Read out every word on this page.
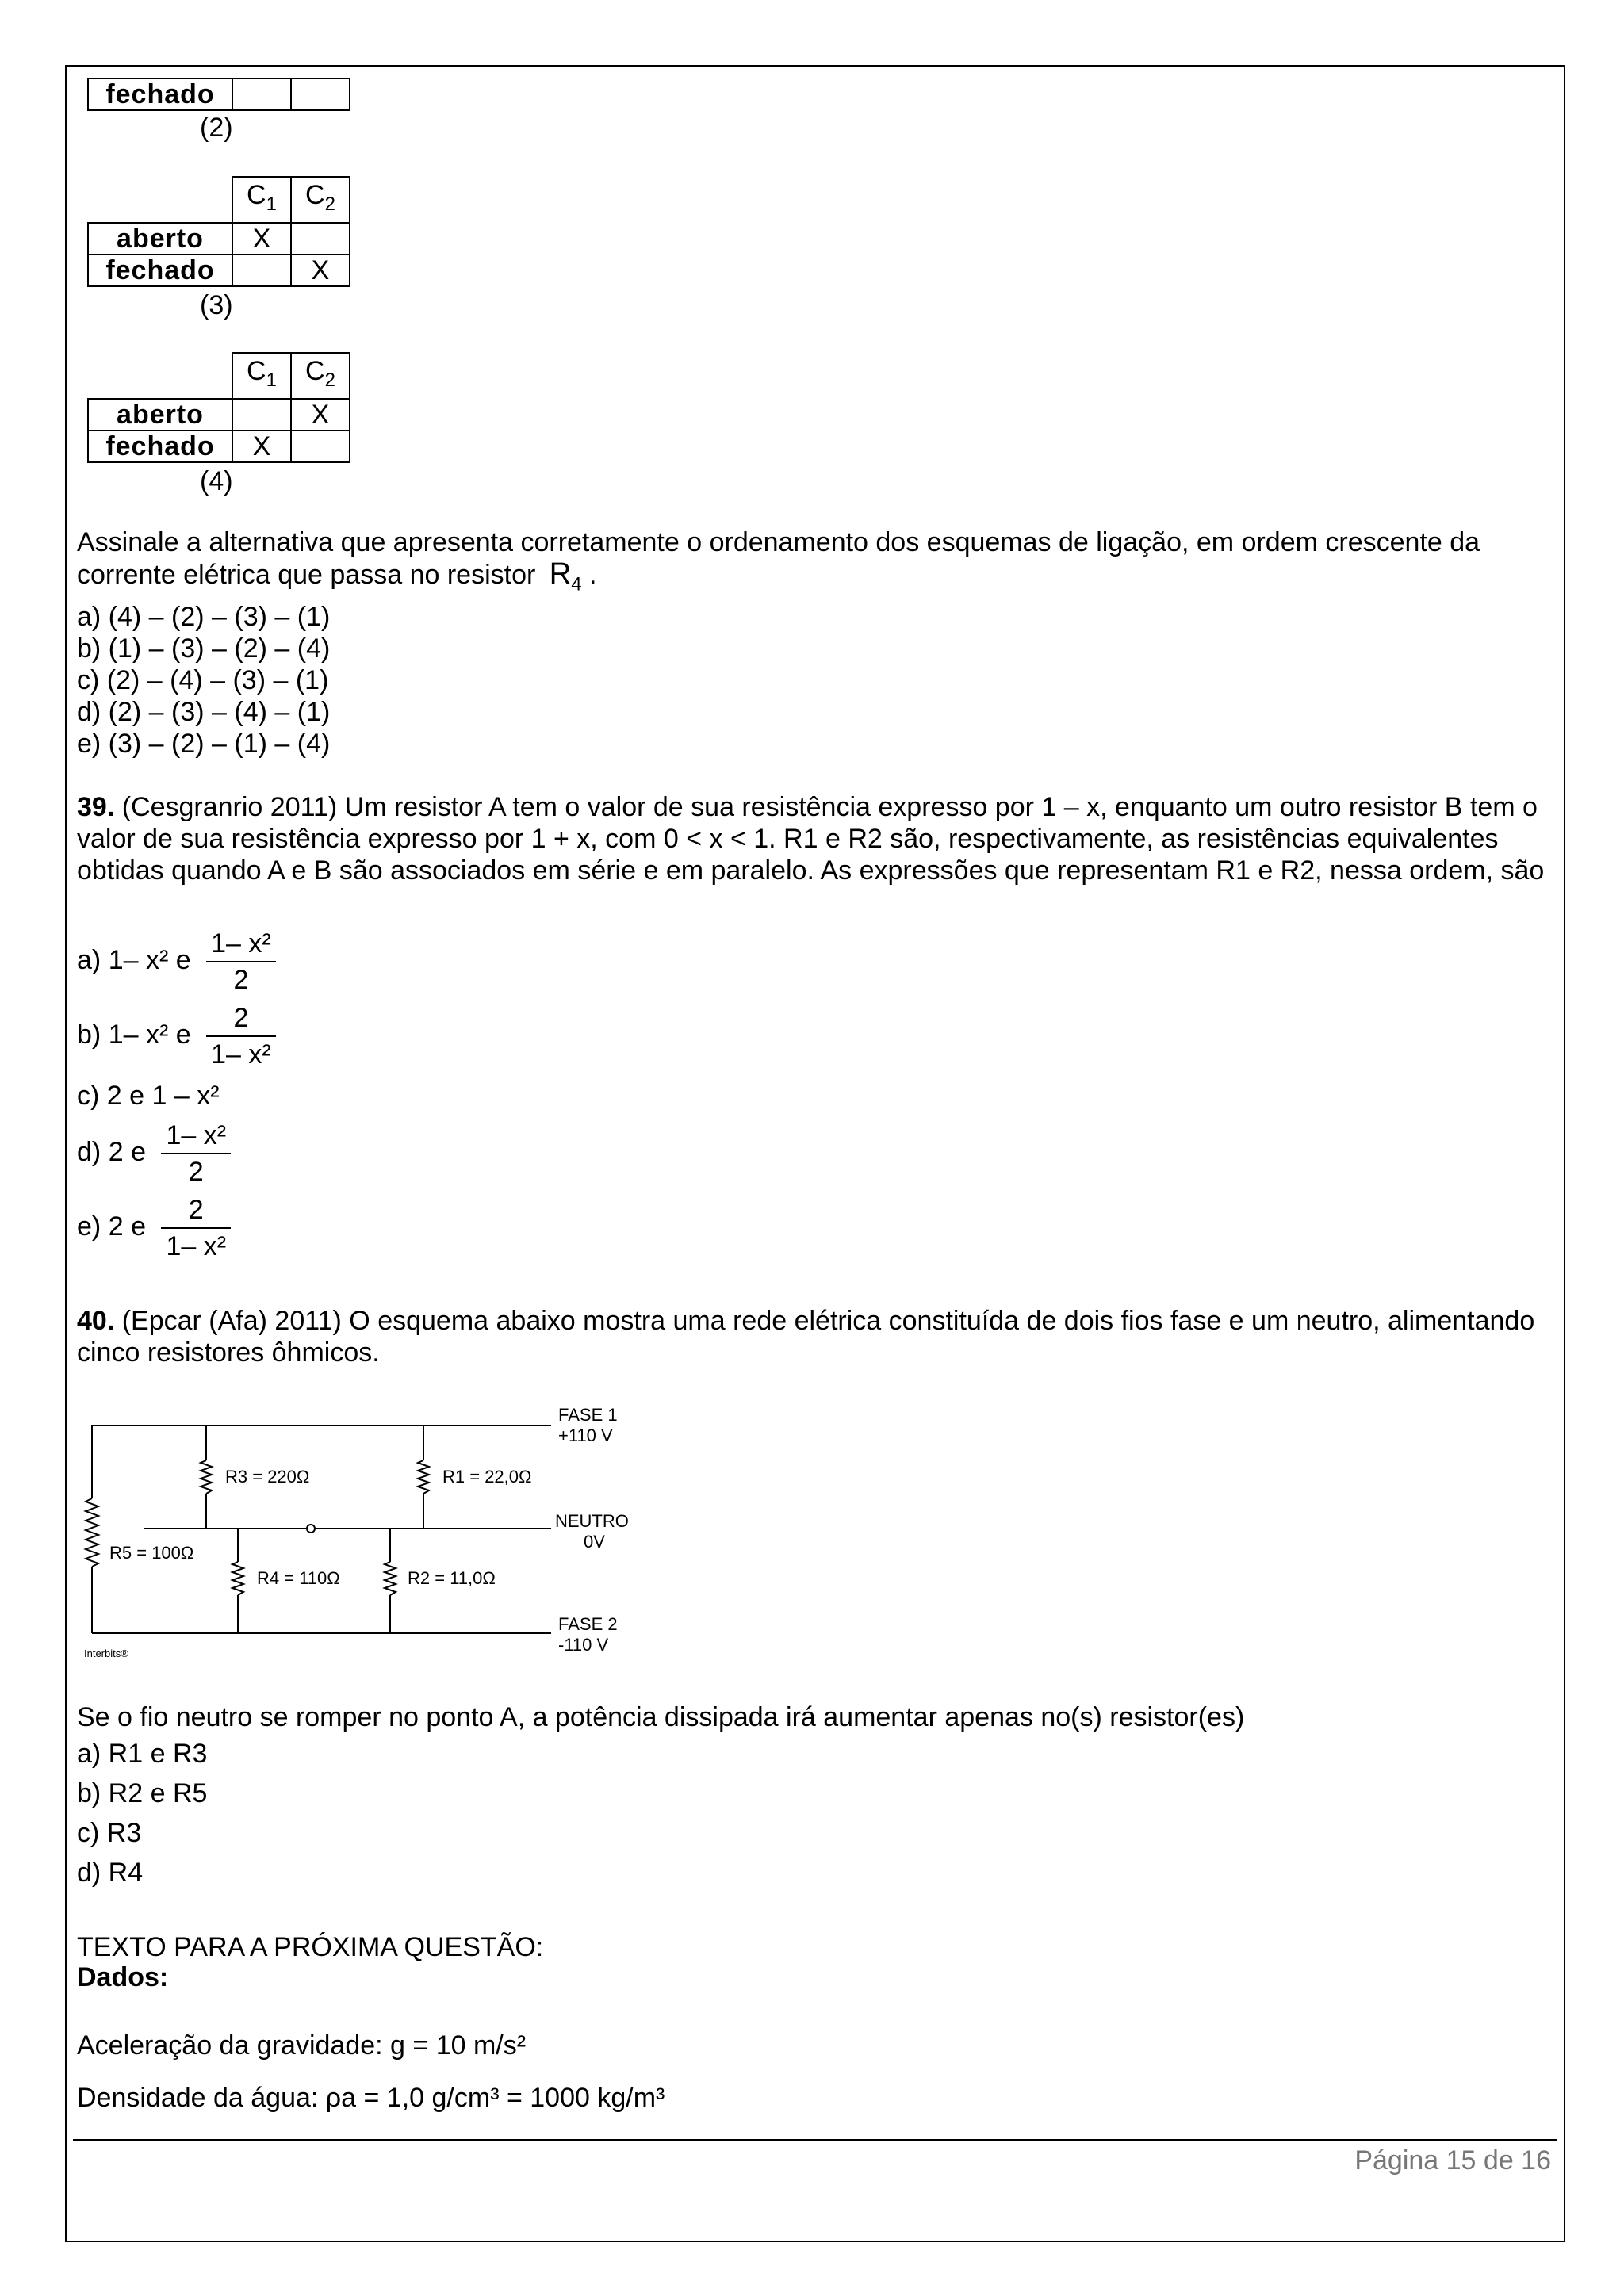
fechado		
(2)
	$C_1$	$C_2$
aberto	X	
fechado		X
(3)
	$C_1$	$C_2$
aberto		X
fechado	X	
(4)
Assinale a alternativa que apresenta corretamente o ordenamento dos esquemas de ligação, em ordem crescente da corrente elétrica que passa no resistor $R_4$ .
a) (4) – (2) – (3) – (1)
b) (1) – (3) – (2) – (4)
c) (2) – (4) – (3) – (1)
d) (2) – (3) – (4) – (1)
e) (3) – (2) – (1) – (4)
39. (Cesgranrio 2011) Um resistor A tem o valor de sua resistência expresso por 1 – x, enquanto um outro resistor B tem o valor de sua resistência expresso por 1 + x, com 0 < x < 1. R1 e R2 são, respectivamente, as resistências equivalentes obtidas quando A e B são associados em série e em paralelo. As expressões que representam R1 e R2, nessa ordem, são
a) 1– x² e $\frac{\text{1– x²}}{2}$
b) 1– x² e $\frac{2}{\text{1– x²}}$
c) 2 e 1 – x²
d) 2 e $\frac{\text{1– x²}}{2}$
e) 2 e $\frac{2}{\text{1– x²}}$
40. (Epcar (Afa) 2011) O esquema abaixo mostra uma rede elétrica constituída de dois fios fase e um neutro, alimentando cinco resistores ôhmicos.
FASE 1
+110 V
NEUTRO
0V
FASE 2
-110 V
R3 = 220Ω	R1 = 22,0Ω
R5 = 100Ω
R4 = 110Ω	R2 = 11,0Ω
Interbits®
Se o fio neutro se romper no ponto A, a potência dissipada irá aumentar apenas no(s) resistor(es)
a) R1 e R3
b) R2 e R5
c) R3
d) R4
TEXTO PARA A PRÓXIMA QUESTÃO:
Dados:
Aceleração da gravidade: g = 10 m/s²
Densidade da água: ρa = 1,0 g/cm³ = 1000 kg/m³
Página 15 de 16
